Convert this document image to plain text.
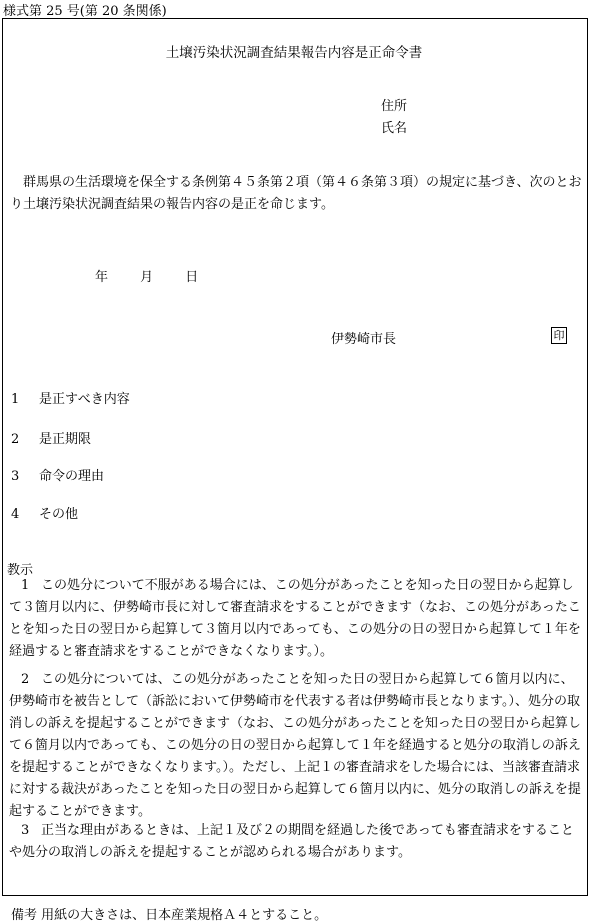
様式第 25 号(第 20 条関係)
土壌汚染状況調査結果報告内容是正命令書
住所
氏名
群馬県の生活環境を保全する条例第４５条第２項（第４６条第３項）の規定に基づき、次のとおり土壌汚染状況調査結果の報告内容の是正を命じます。
年 月 日
伊勢崎市長	印
1 是正すべき内容
2 是正期限
3 命令の理由
4 その他
教示
1 この処分について不服がある場合には、この処分があったことを知った日の翌日から起算して３箇月以内に、伊勢崎市長に対して審査請求をすることができます（なお、この処分があったことを知った日の翌日から起算して３箇月以内であっても、この処分の日の翌日から起算して１年を経過すると審査請求をすることができなくなります。）。
2 この処分については、この処分があったことを知った日の翌日から起算して６箇月以内に、伊勢崎市を被告として（訴訟において伊勢崎市を代表する者は伊勢崎市長となります。）、処分の取消しの訴えを提起することができます（なお、この処分があったことを知った日の翌日から起算して６箇月以内であっても、この処分の日の翌日から起算して１年を経過すると処分の取消しの訴えを提起することができなくなります。）。ただし、上記１の審査請求をした場合には、当該審査請求に対する裁決があったことを知った日の翌日から起算して６箇月以内に、処分の取消しの訴えを提起することができます。
3 正当な理由があるときは、上記１及び２の期間を経過した後であっても審査請求をすることや処分の取消しの訴えを提起することが認められる場合があります。
備考 用紙の大きさは、日本産業規格Ａ４とすること。
